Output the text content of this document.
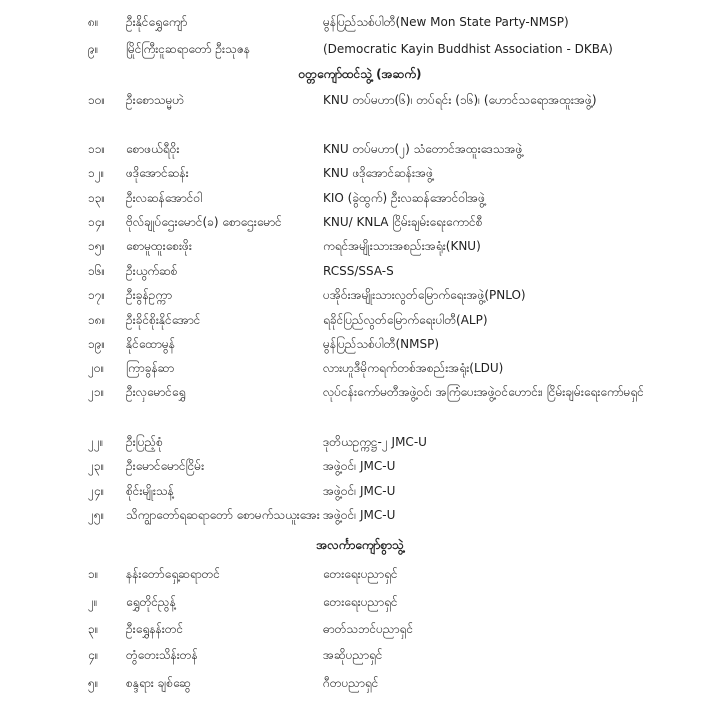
၈။ ဦးနိုင်ရွှေကျော်	မွန်ပြည်သစ်ပါတီ(New Mon State Party-NMSP)
၉။ မြိုင်ကြီးငူဆရာတော် ဦးသုဇန	(Democratic Kayin Buddhist Association - DKBA)
ဝတ္တကျော်ထင်သွဲ့ (အဆက်)
၁၀။ ဦးစောသမ္မဟဲ	KNU တပ်မဟာ(၆)၊ တပ်ရင်း (၁၆)၊ (ဟောင်သရောအထူးအဖွဲ့)
၁၁။ စောဖယ်ရီဝိုး	KNU တပ်မဟာ(၂) သံတောင်အထူးဒေသအဖွဲ့
၁၂။ ဖဒိုအောင်ဆန်း	KNU ဖဒိုအောင်ဆန်းအဖွဲ့
၁၃။ ဦးလဆန်အောင်ဝါ	KIO (ခွဲထွက်) ဦးလဆန်အောင်ဝါအဖွဲ့
၁၄။ ဗိုလ်ချုပ်ဌေးမောင်(ခ) စောဌေးမောင်	KNU/ KNLA ငြိမ်းချမ်းရေးကောင်စီ
၁၅။ စောမူထူးစေးဖိုး	ကရင်အမျိုးသားအစည်းအရုံး(KNU)
၁၆။ ဦးယွက်ဆစ်	RCSS/SSA-S
၁၇။ ဦးခွန်ဥက္ကာ	ပအိုဝ်းအမျိုးသားလွတ်မြောက်ရေးအဖွဲ့(PNLO)
၁၈။ ဦးခိုင်စိုးနိုင်အောင်	ရခိုင်ပြည်လွတ်မြောက်ရေးပါတီ(ALP)
၁၉။ နိုင်ထောမွန်	မွန်ပြည်သစ်ပါတီ(NMSP)
၂၀။ ကြာခွန်ဆာ	လားဟူဒီမိုကရက်တစ်အစည်းအရုံး(LDU)
၂၁။ ဦးလှမောင်ရွှေ	လုပ်ငန်းကော်မတီအဖွဲ့ဝင်၊ အကြံပေးအဖွဲ့ဝင်ဟောင်း၊ ငြိမ်းချမ်းရေးကော်မရှင်
၂၂။ ဦးပြည့်စုံ	ဒုတိယဥက္ကဋ္ဌ-၂ JMC-U
၂၃။ ဦးမောင်မောင်ငြိမ်း	အဖွဲ့ဝင်၊ JMC-U
၂၄။ စိုင်းမျိုးသန့်	အဖွဲ့ဝင်၊ JMC-U
၂၅။ သိကျွာတော်ရဆရာတော် စောမက်သယူးအေး အဖွဲ့ဝင်၊ JMC-U
အလင်္ကာကျော်စွာသွဲ့
၁။ နန်းတော်ရှေ့ဆရာတင်	တေးရေးပညာရှင်
၂။ ရွှေတိုင်ညွန့်	တေးရေးပညာရှင်
၃။ ဦးရွှေနန်းတင်	ဓာတ်သဘင်ပညာရှင်
၄။ တွံတေးသိန်းတန်	အဆိုပညာရှင်
၅။ စန္ဒရား ချစ်ဆွေ	ဂီတပညာရှင်
